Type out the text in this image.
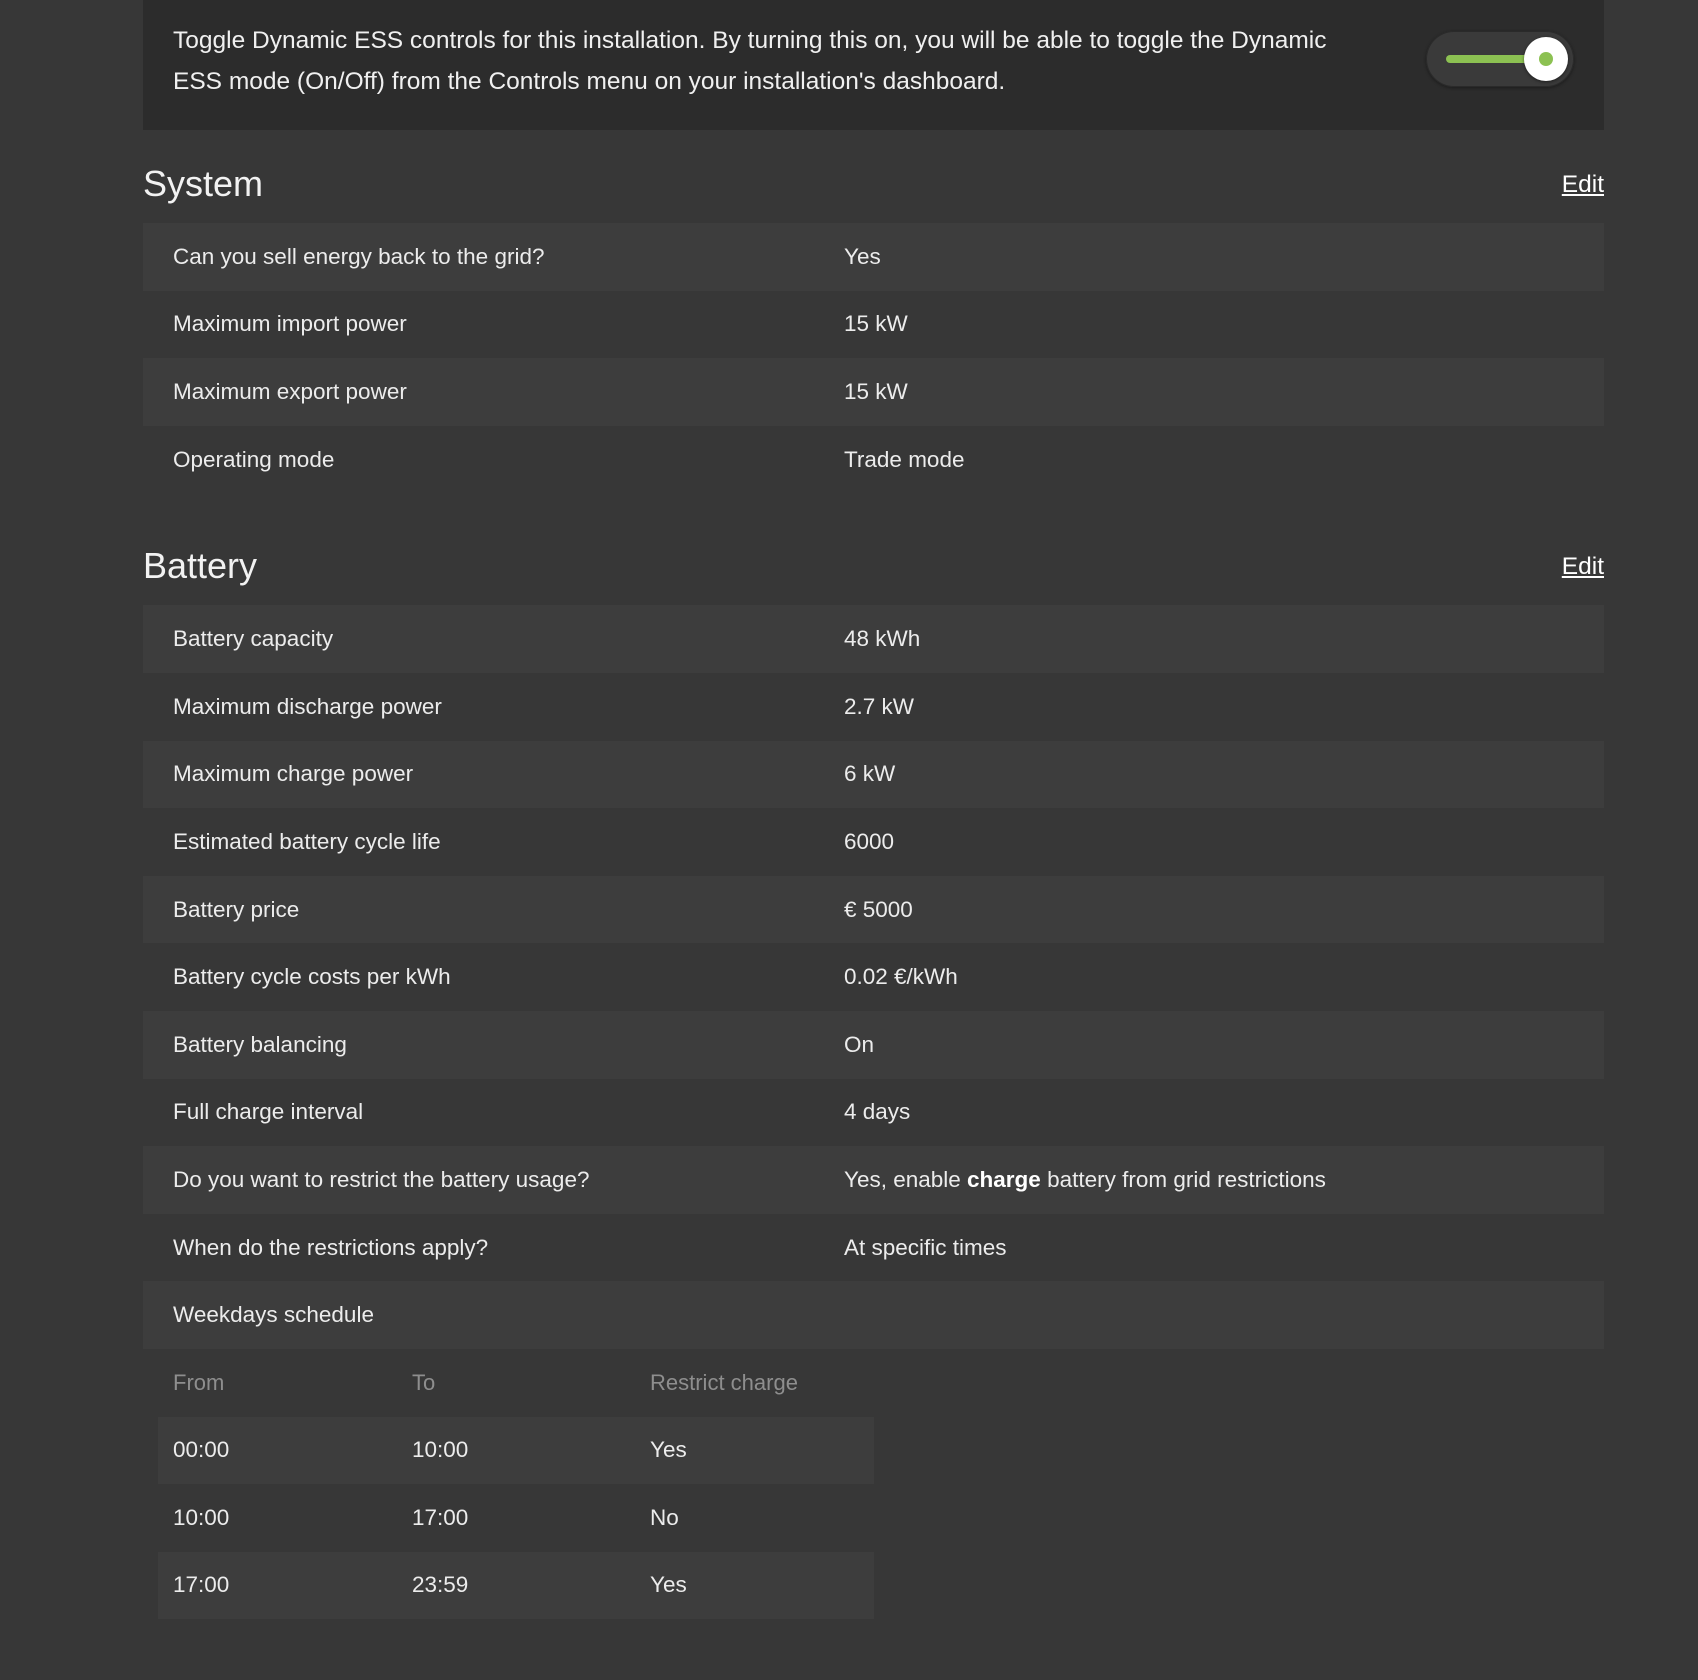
Toggle Dynamic ESS controls for this installation. By turning this on, you will be able to toggle the Dynamic ESS mode (On/Off) from the Controls menu on your installation's dashboard.

System	Edit
Can you sell energy back to the grid?	Yes
Maximum import power	15 kW
Maximum export power	15 kW
Operating mode	Trade mode
Battery	Edit
Battery capacity	48 kWh
Maximum discharge power	2.7 kW
Maximum charge power	6 kW
Estimated battery cycle life	6000
Battery price	€ 5000
Battery cycle costs per kWh	0.02 €/kWh
Battery balancing	On
Full charge interval	4 days
Do you want to restrict the battery usage?	Yes, enable charge battery from grid restrictions
When do the restrictions apply?	At specific times
Weekdays schedule
From	To	Restrict charge
00:00	10:00	Yes
10:00	17:00	No
17:00	23:59	Yes
